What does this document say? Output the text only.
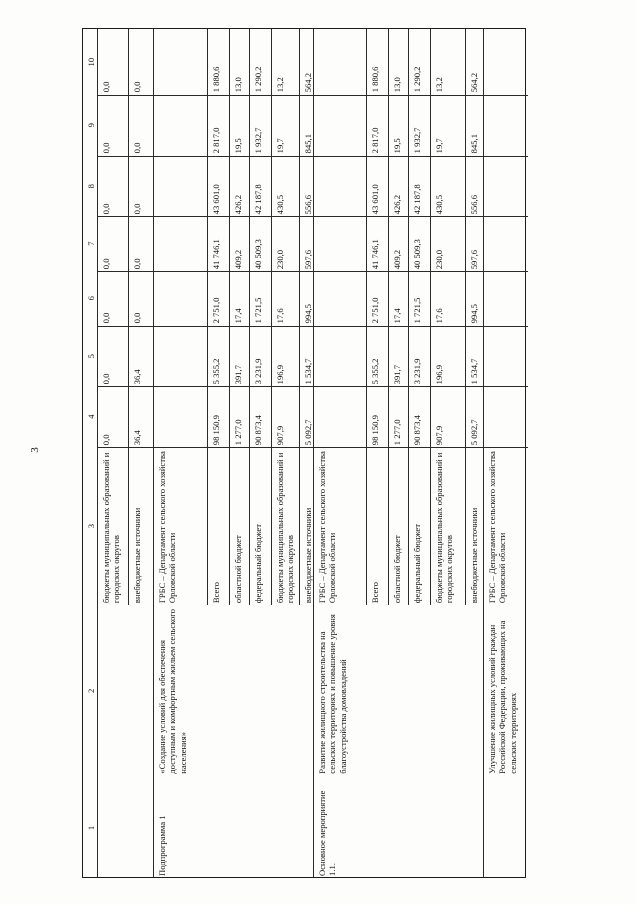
3
1
2
3
4
5
6
7
8
9
10
бюджеты муниципальных образований и городских округов
0,0
0,0
0,0
0,0
0,0
0,0
0,0
внебюджетные источники
36,4
36,4
0,0
0,0
0,0
0,0
0,0
Подпрограмма 1
«Создание условий для обеспечения доступным и комфортным жильем сельского населения»
ГРБС – Департамент сельского хозяйства Орловской области	Всего
98 150,9
5 355,2
2 751,0
41 746,1
43 601,0
2 817,0
1 880,6
областной бюджет
1 277,0
391,7
17,4
409,2
426,2
19,5
13,0
федеральный бюджет
90 873,4
3 231,9
1 721,5
40 509,3
42 187,8
1 932,7
1 290,2
бюджеты муниципальных образований и городских округов
907,9
196,9
17,6
230,0
430,5
19,7
13,2
внебюджетные источники
5 092,7
1 534,7
994,5
597,6
556,6
845,1
564,2
Основное мероприятие 1.1.
Развитие жилищного строительства на сельских территориях и повышение уровня благоустройства домовладений
ГРБС – Департамент сельского хозяйства Орловской области	Всего
98 150,9
5 355,2
2 751,0
41 746,1
43 601,0
2 817,0
1 880,6
областной бюджет
1 277,0
391,7
17,4
409,2
426,2
19,5
13,0
федеральный бюджет
90 873,4
3 231,9
1 721,5
40 509,3
42 187,8
1 932,7
1 290,2
бюджеты муниципальных образований и городских округов
907,9
196,9
17,6
230,0
430,5
19,7
13,2
внебюджетные источники
5 092,7
1 534,7
994,5
597,6
556,6
845,1
564,2
Улучшение жилищных условий граждан Российской Федерации, проживающих на сельских территориях
ГРБС – Департамент сельского хозяйства Орловской области
